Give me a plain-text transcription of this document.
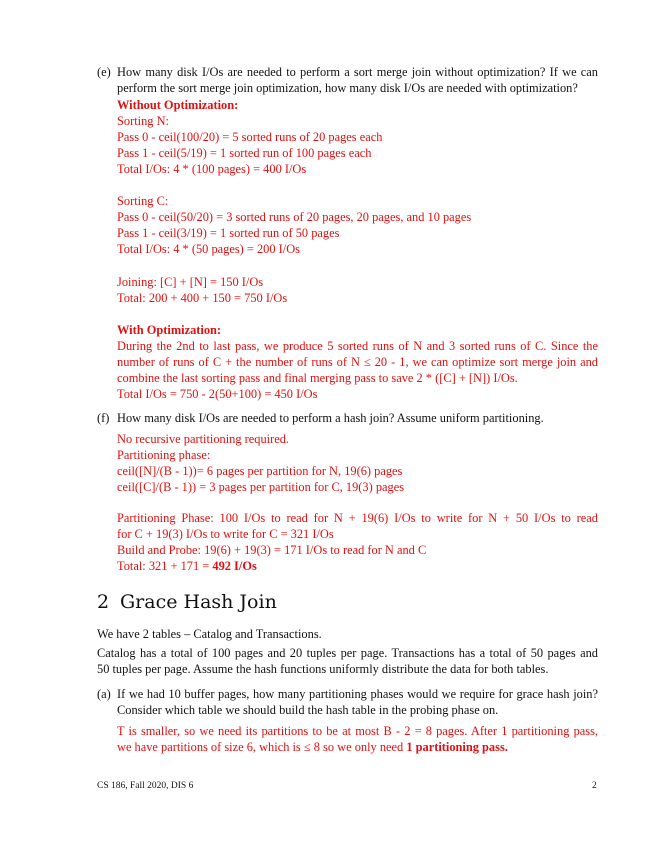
(e) How many disk I/Os are needed to perform a sort merge join without optimization? If we can
perform the sort merge join optimization, how many disk I/Os are needed with optimization?
Without Optimization:
Sorting N:
Pass 0 - ceil(100/20) = 5 sorted runs of 20 pages each
Pass 1 - ceil(5/19) = 1 sorted run of 100 pages each
Total I/Os: 4 * (100 pages) = 400 I/Os
Sorting C:
Pass 0 - ceil(50/20) = 3 sorted runs of 20 pages, 20 pages, and 10 pages
Pass 1 - ceil(3/19) = 1 sorted run of 50 pages
Total I/Os: 4 * (50 pages) = 200 I/Os
Joining: [C] + [N] = 150 I/Os
Total: 200 + 400 + 150 = 750 I/Os
With Optimization:
During the 2nd to last pass, we produce 5 sorted runs of N and 3 sorted runs of C. Since the
number of runs of C + the number of runs of N ≤ 20 - 1, we can optimize sort merge join and
combine the last sorting pass and final merging pass to save 2 * ([C] + [N]) I/Os.
Total I/Os = 750 - 2(50+100) = 450 I/Os
(f) How many disk I/Os are needed to perform a hash join? Assume uniform partitioning.
No recursive partitioning required.
Partitioning phase:
ceil([N]/(B - 1))= 6 pages per partition for N, 19(6) pages
ceil([C]/(B - 1)) = 3 pages per partition for C, 19(3) pages
Partitioning Phase: 100 I/Os to read for N + 19(6) I/Os to write for N + 50 I/Os to read
for C + 19(3) I/Os to write for C = 321 I/Os
Build and Probe: 19(6) + 19(3) = 171 I/Os to read for N and C
Total: 321 + 171 = 492 I/Os
2 Grace Hash Join
We have 2 tables – Catalog and Transactions.
Catalog has a total of 100 pages and 20 tuples per page. Transactions has a total of 50 pages and
50 tuples per page. Assume the hash functions uniformly distribute the data for both tables.
(a) If we had 10 buffer pages, how many partitioning phases would we require for grace hash join?
Consider which table we should build the hash table in the probing phase on.
T is smaller, so we need its partitions to be at most B - 2 = 8 pages. After 1 partitioning pass,
we have partitions of size 6, which is ≤ 8 so we only need 1 partitioning pass.
CS 186, Fall 2020, DIS 6	2
